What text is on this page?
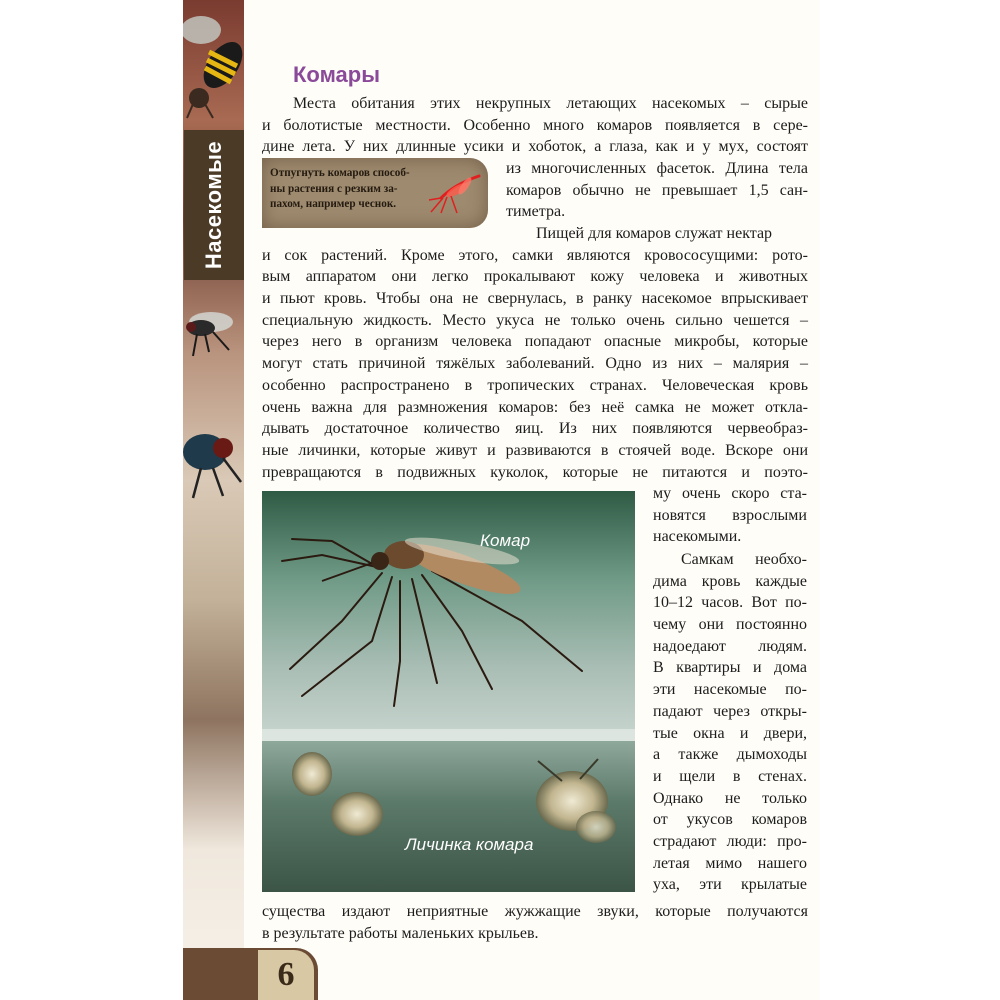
Насекомые
Комары
Места обитания этих некрупных летающих насекомых – сырые
и болотистые местности. Особенно много комаров появляется в сере-
дине лета. У них длинные усики и хоботок, а глаза, как и у мух, состоят
Отпугнуть комаров способ-
ны растения с резким за-
пахом, например чеснок.
из многочисленных фасеток. Длина тела
комаров обычно не превышает 1,5 сан-
тиметра.
Пищей для комаров служат нектар
и сок растений. Кроме этого, самки являются кровососущими: рото-
вым аппаратом они легко прокалывают кожу человека и животных
и пьют кровь. Чтобы она не свернулась, в ранку насекомое впрыскивает
специальную жидкость. Место укуса не только очень сильно чешется –
через него в организм человека попадают опасные микробы, которые
могут стать причиной тяжёлых заболеваний. Одно из них – малярия –
особенно распространено в тропических странах. Человеческая кровь
очень важна для размножения комаров: без неё самка не может откла-
дывать достаточное количество яиц. Из них появляются червеобраз-
ные личинки, которые живут и развиваются в стоячей воде. Вскоре они
превращаются в подвижных куколок, которые не питаются и поэто-
Комар
Личинка комара
му очень скоро ста-
новятся взрослыми
насекомыми.
Самкам необхо-
дима кровь каждые
10–12 часов. Вот по-
чему они постоянно
надоедают людям.
В квартиры и дома
эти насекомые по-
падают через откры-
тые окна и двери,
а также дымоходы
и щели в стенах.
Однако не только
от укусов комаров
страдают люди: про-
летая мимо нашего
уха, эти крылатые
существа издают неприятные жужжащие звуки, которые получаются
в результате работы маленьких крыльев.
6
